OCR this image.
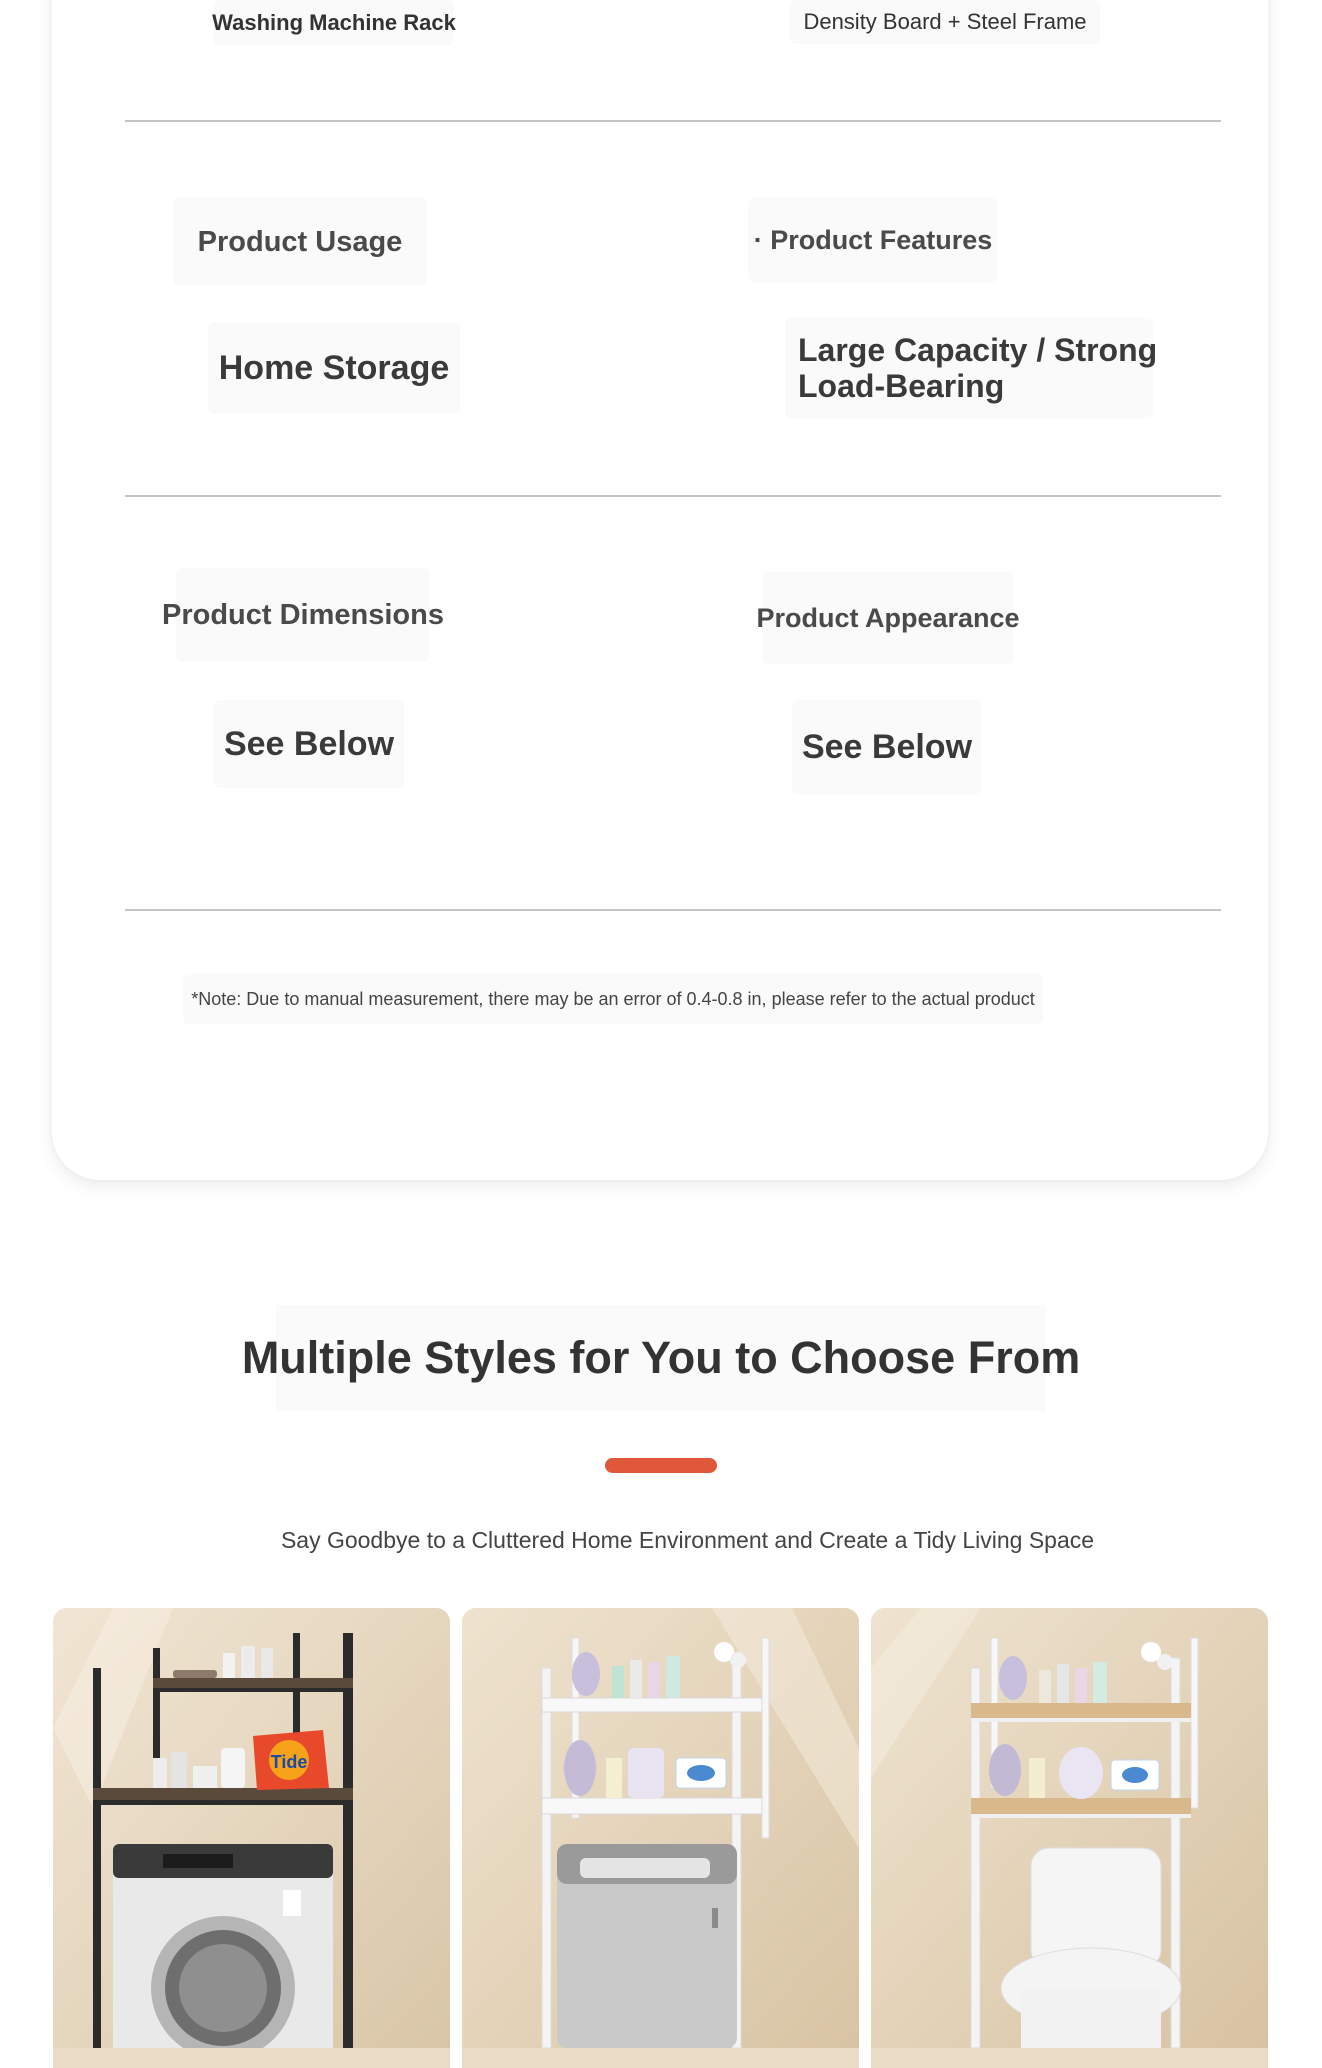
Washing Machine Rack	Density Board + Steel Frame
Product Usage	· Product Features
Home Storage	Large Capacity / Strong
Load-Bearing
Product Dimensions	Product Appearance
See Below	See Below
*Note: Due to manual measurement, there may be an error of 0.4-0.8 in, please refer to the actual product
Multiple Styles for You to Choose From
Say Goodbye to a Cluttered Home Environment and Create a Tidy Living Space
Tide
